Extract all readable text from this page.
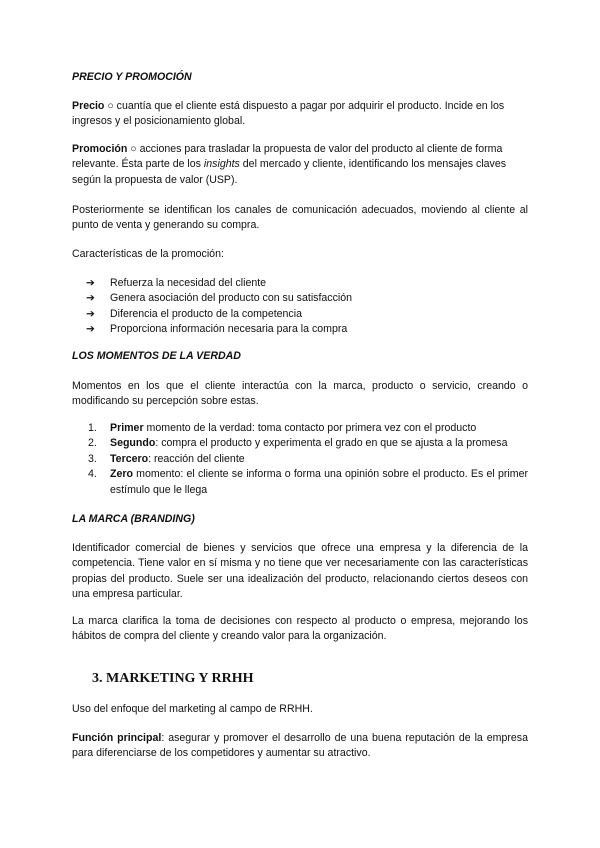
PRECIO Y PROMOCIÓN

Precio ○ cuantía que el cliente está dispuesto a pagar por adquirir el producto. Incide en los ingresos y el posicionamiento global.

Promoción ○ acciones para trasladar la propuesta de valor del producto al cliente de forma relevante. Ésta parte de los insights del mercado y cliente, identificando los mensajes claves según la propuesta de valor (USP).

Posteriormente se identifican los canales de comunicación adecuados, moviendo al cliente al punto de venta y generando su compra.

Características de la promoción:

➔ Refuerza la necesidad del cliente
➔ Genera asociación del producto con su satisfacción
➔ Diferencia el producto de la competencia
➔ Proporciona información necesaria para la compra
LOS MOMENTOS DE LA VERDAD

Momentos en los que el cliente interactúa con la marca, producto o servicio, creando o modificando su percepción sobre estas.

1. Primer momento de la verdad: toma contacto por primera vez con el producto
2. Segundo: compra el producto y experimenta el grado en que se ajusta a la promesa
3. Tercero: reacción del cliente
4. Zero momento: el cliente se informa o forma una opinión sobre el producto. Es el primer estímulo que le llega
LA MARCA (BRANDING)

Identificador comercial de bienes y servicios que ofrece una empresa y la diferencia de la competencia. Tiene valor en sí misma y no tiene que ver necesariamente con las características propias del producto. Suele ser una idealización del producto, relacionando ciertos deseos con una empresa particular.

La marca clarifica la toma de decisiones con respecto al producto o empresa, mejorando los hábitos de compra del cliente y creando valor para la organización.

3. MARKETING Y RRHH

Uso del enfoque del marketing al campo de RRHH.

Función principal: asegurar y promover el desarrollo de una buena reputación de la empresa para diferenciarse de los competidores y aumentar su atractivo.
